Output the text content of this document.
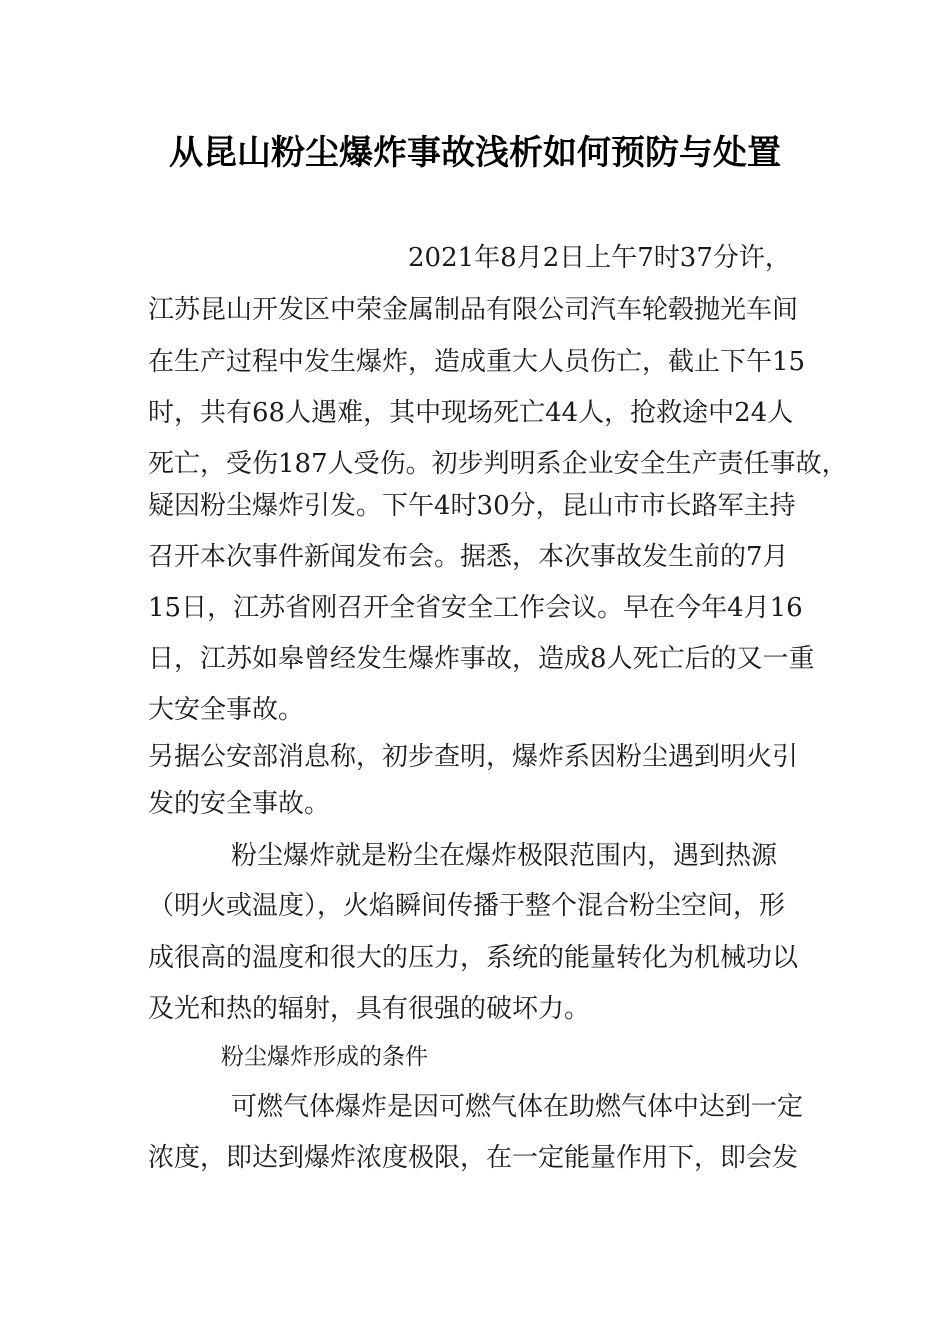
从昆山粉尘爆炸事故浅析如何预防与处置
2021年8月2日上午7时37分许，
江苏昆山开发区中荣金属制品有限公司汽车轮毂抛光车间
在生产过程中发生爆炸，造成重大人员伤亡，截止下午15
时，共有68人遇难，其中现场死亡44人，抢救途中24人
死亡，受伤187人受伤。初步判明系企业安全生产责任事故，
疑因粉尘爆炸引发。下午4时30分，昆山市市长路军主持
召开本次事件新闻发布会。据悉，本次事故发生前的7月
15日，江苏省刚召开全省安全工作会议。早在今年4月16
日，江苏如皋曾经发生爆炸事故，造成8人死亡后的又一重
大安全事故。
另据公安部消息称，初步查明，爆炸系因粉尘遇到明火引
发的安全事故。
粉尘爆炸就是粉尘在爆炸极限范围内，遇到热源
（明火或温度），火焰瞬间传播于整个混合粉尘空间，形
成很高的温度和很大的压力，系统的能量转化为机械功以
及光和热的辐射，具有很强的破坏力。
粉尘爆炸形成的条件
可燃气体爆炸是因可燃气体在助燃气体中达到一定
浓度，即达到爆炸浓度极限，在一定能量作用下，即会发
